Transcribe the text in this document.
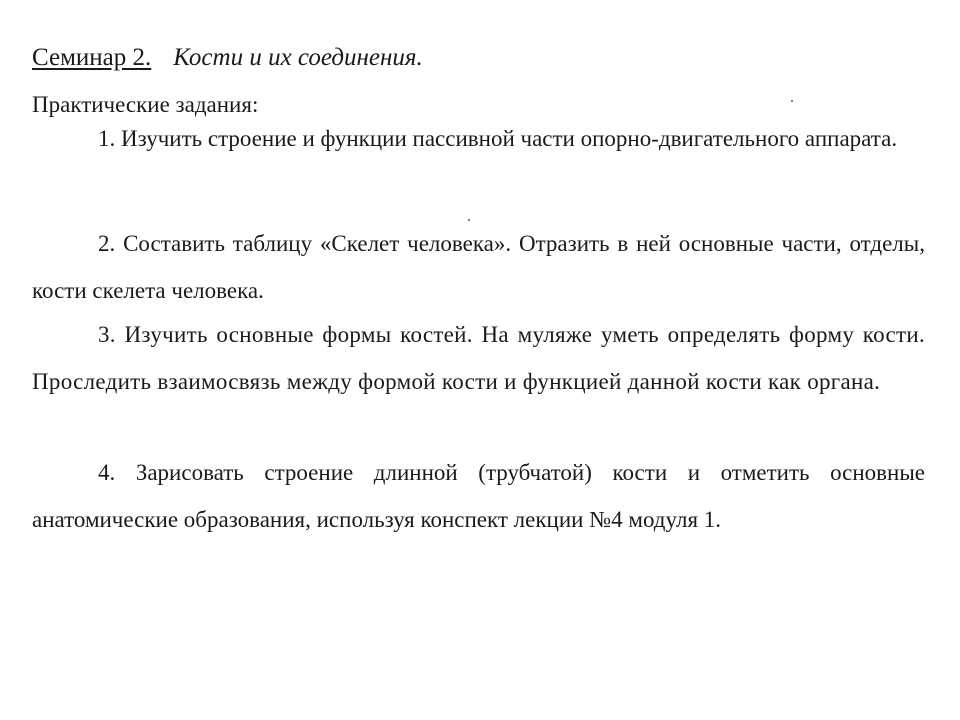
Семинар 2. Кости и их соединения.
Практические задания:

1. Изучить строение и функции пассивной части опорно-двигательного аппарата.

2. Составить таблицу «Скелет человека». Отразить в ней основные части, отделы, кости скелета человека.

3. Изучить основные формы костей. На муляже уметь определять форму кости. Проследить взаимосвязь между формой кости и функцией данной кости как органа.

4. Зарисовать строение длинной (трубчатой) кости и отметить основные анатомические образования, используя конспект лекции №4 модуля 1.
